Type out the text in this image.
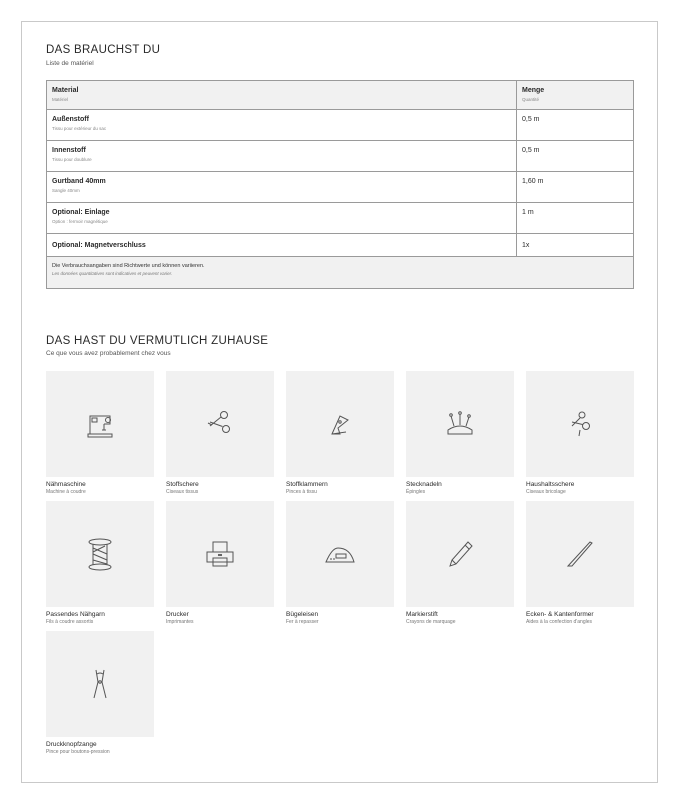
DAS BRAUCHST DU
Liste de matériel
Material
Matériel
Menge
Quantité
Außenstoff
Tissu pour extérieur du sac
0,5 m
Innenstoff
Tissu pour doublure
0,5 m
Gurtband 40mm
Sangle 40mm
1,60 m
Optional: Einlage
Option : fermoir magnétique
1 m
Optional: Magnetverschluss	1x
Die Verbrauchsangaben sind Richtwerte und können variieren.
Les données quantitatives sont indicatives et peuvent varier.
DAS HAST DU VERMUTLICH ZUHAUSE
Ce que vous avez probablement chez vous
Nähmaschine
Machine à coudre
Stoffschere
Ciseaux tissus
Stoffklammern
Pinces à tissu
Stecknadeln
Épingles
Haushaltsschere
Ciseaux bricolage
Passendes Nähgarn
Fils à coudre assortis
Drucker
Imprimantes
Bügeleisen
Fer à repasser
Markierstift
Crayons de marquage
Ecken- & Kantenformer
Aides à la confection d'angles
Druckknopfzange
Pince pour boutons-pression
